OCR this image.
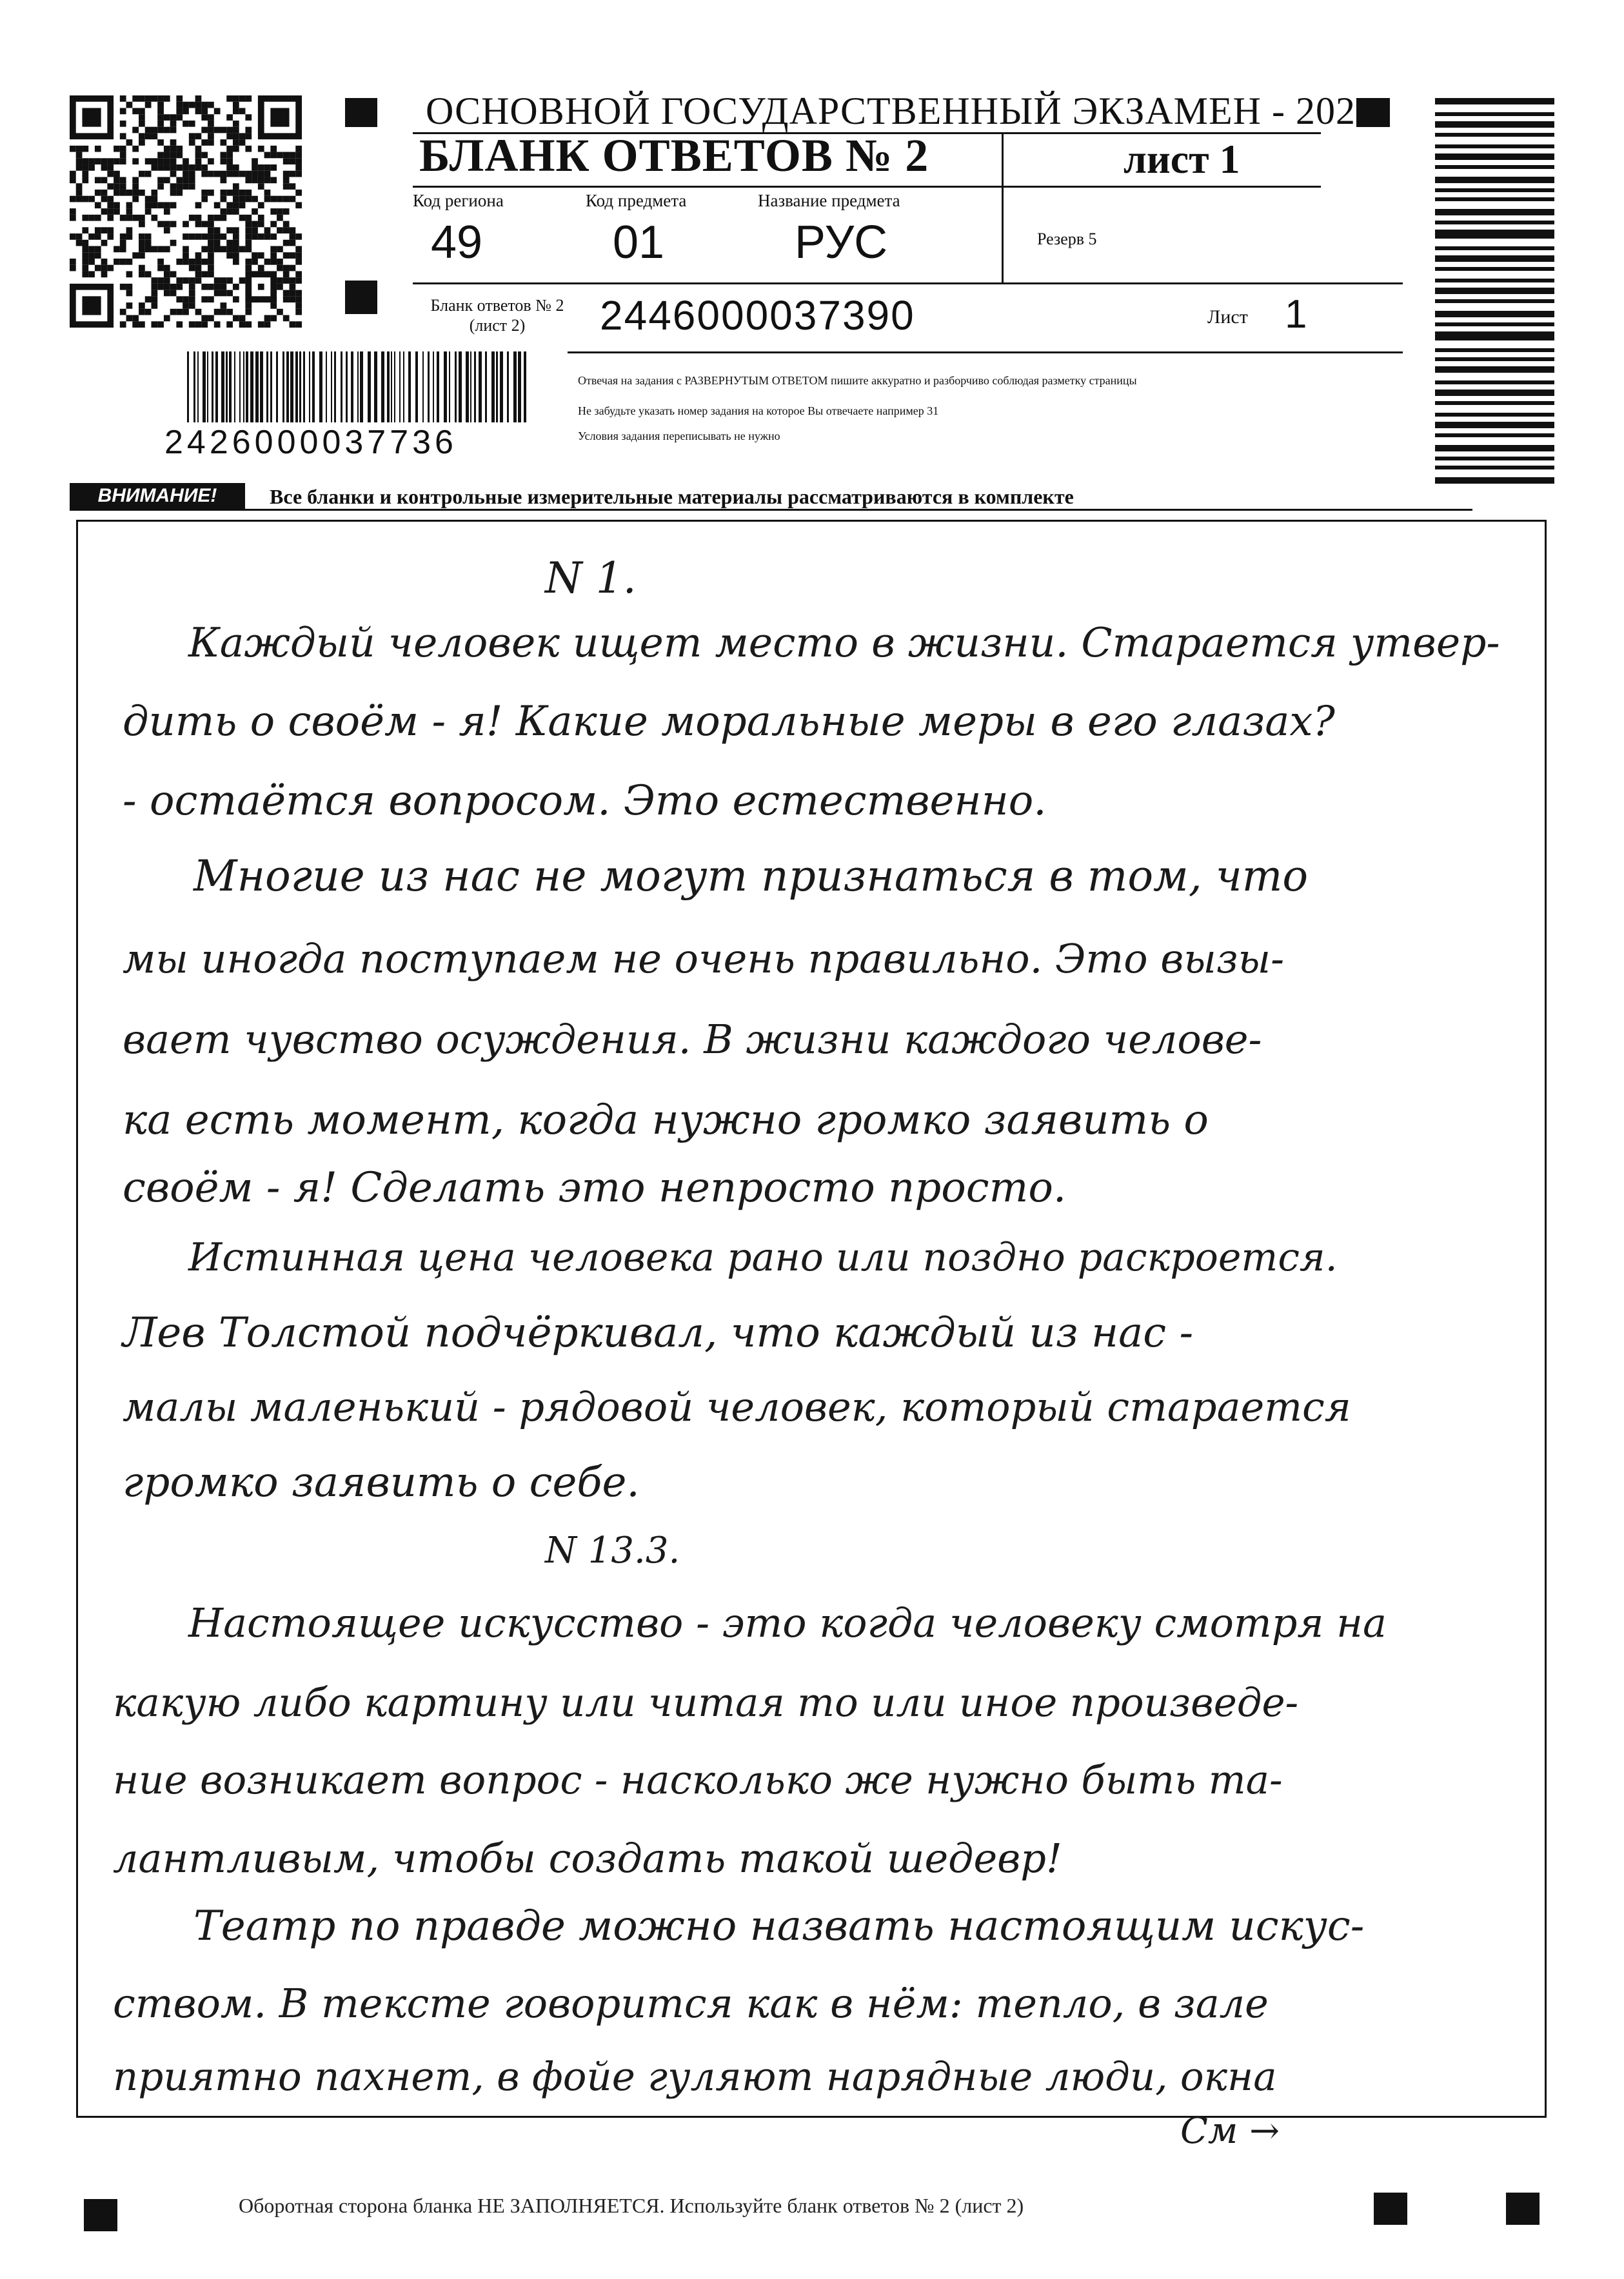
ОСНОВНОЙ ГОСУДАРСТВЕННЫЙ ЭКЗАМЕН - 2024
БЛАНК ОТВЕТОВ № 2	лист 1
Код региона
49
Код предмета
01
Название предмета
РУС	Резерв 5
Бланк ответов № 2
(лист 2)	2446000037390	Лист 1
Отвечая на задания с РАЗВЕРНУТЫМ ОТВЕТОМ пишите аккуратно и разборчиво соблюдая разметку страницы
Не забудьте указать номер задания на которое Вы отвечаете например 31
Условия задания переписывать не нужно
2426000037736
ВНИМАНИЕ!	Все бланки и контрольные измерительные материалы рассматриваются в комплекте
N 1.
Каждый человек ищет место в жизни. Старается утвер-
дить о своём - я! Какие моральные меры в его глазах?
- остаётся вопросом. Это естественно.
Многие из нас не могут признаться в том, что
мы иногда поступаем не очень правильно. Это вызы-
вает чувство осуждения. В жизни каждого челове-
ка есть момент, когда нужно громко заявить о
своём - я! Сделать это непросто просто.
Истинная цена человека рано или поздно раскроется.
Лев Толстой подчёркивал, что каждый из нас -
малы маленький - рядовой человек, который старается
громко заявить о себе.
N 13.3.
Настоящее искусство - это когда человеку смотря на
какую либо картину или читая то или иное произведе-
ние возникает вопрос - насколько же нужно быть та-
лантливым, чтобы создать такой шедевр!
Театр по правде можно назвать настоящим искус-
ством. В тексте говорится как в нём: тепло, в зале
приятно пахнет, в фойе гуляют нарядные люди, окна
См →
Оборотная сторона бланка НЕ ЗАПОЛНЯЕТСЯ. Используйте бланк ответов № 2 (лист 2)
